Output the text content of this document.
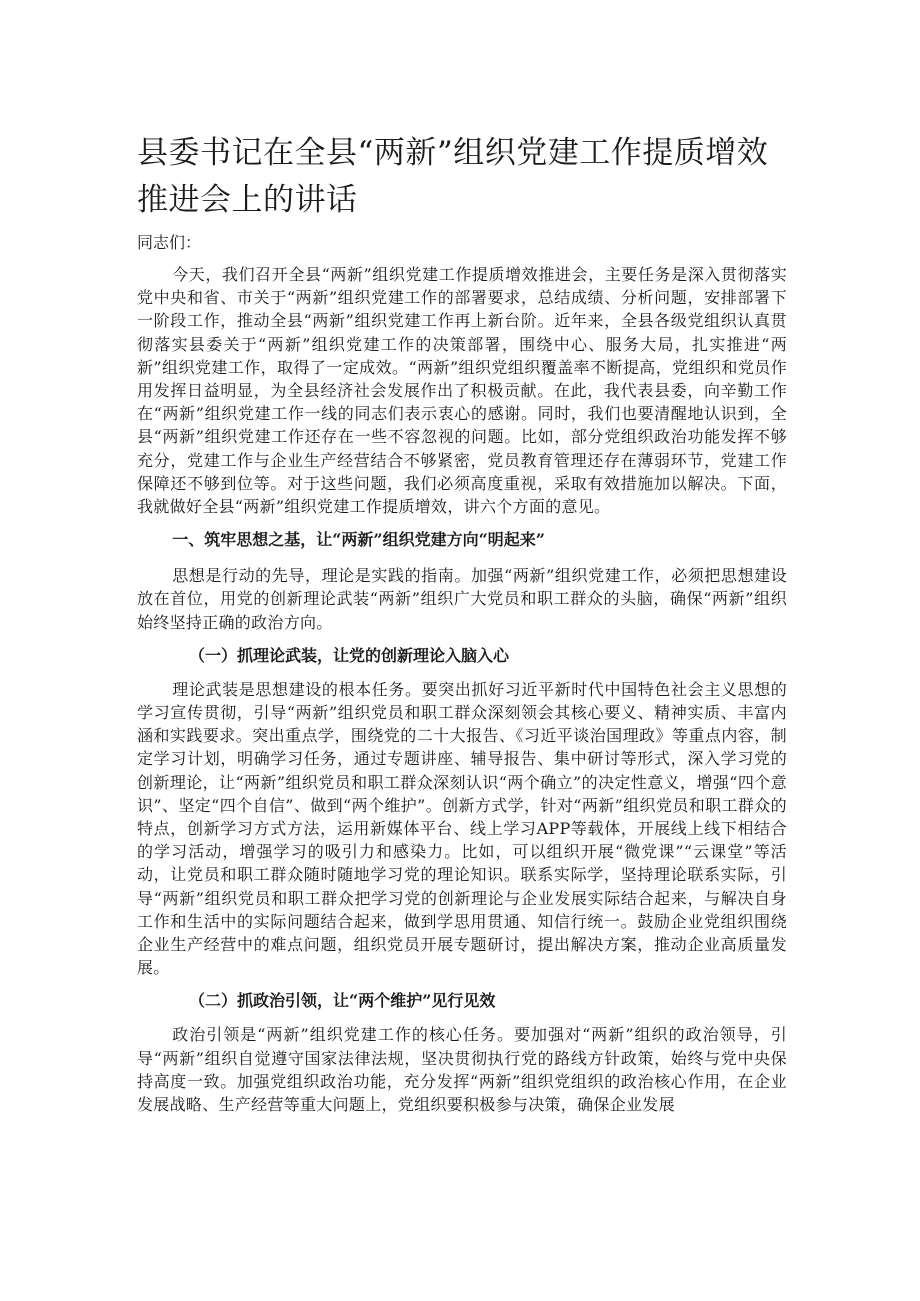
县委书记在全县“两新”组织党建工作提质增效推进会上的讲话

同志们：

今天，我们召开全县“两新”组织党建工作提质增效推进会，主要任务是深入贯彻落实党中央和省、市关于“两新”组织党建工作的部署要求，总结成绩、分析问题，安排部署下一阶段工作，推动全县“两新”组织党建工作再上新台阶。近年来，全县各级党组织认真贯彻落实县委关于“两新”组织党建工作的决策部署，围绕中心、服务大局，扎实推进“两新”组织党建工作，取得了一定成效。“两新”组织党组织覆盖率不断提高，党组织和党员作用发挥日益明显，为全县经济社会发展作出了积极贡献。在此，我代表县委，向辛勤工作在“两新”组织党建工作一线的同志们表示衷心的感谢。同时，我们也要清醒地认识到，全县“两新”组织党建工作还存在一些不容忽视的问题。比如，部分党组织政治功能发挥不够充分，党建工作与企业生产经营结合不够紧密，党员教育管理还存在薄弱环节，党建工作保障还不够到位等。对于这些问题，我们必须高度重视，采取有效措施加以解决。下面，我就做好全县“两新”组织党建工作提质增效，讲六个方面的意见。

一、筑牢思想之基，让“两新”组织党建方向“明起来”

思想是行动的先导，理论是实践的指南。加强“两新”组织党建工作，必须把思想建设放在首位，用党的创新理论武装“两新”组织广大党员和职工群众的头脑，确保“两新”组织始终坚持正确的政治方向。

（一）抓理论武装，让党的创新理论入脑入心

理论武装是思想建设的根本任务。要突出抓好习近平新时代中国特色社会主义思想的学习宣传贯彻，引导“两新”组织党员和职工群众深刻领会其核心要义、精神实质、丰富内涵和实践要求。突出重点学，围绕党的二十大报告、《习近平谈治国理政》等重点内容，制定学习计划，明确学习任务，通过专题讲座、辅导报告、集中研讨等形式，深入学习党的创新理论，让“两新”组织党员和职工群众深刻认识“两个确立”的决定性意义，增强“四个意识”、坚定“四个自信”、做到“两个维护”。创新方式学，针对“两新”组织党员和职工群众的特点，创新学习方式方法，运用新媒体平台、线上学习APP等载体，开展线上线下相结合的学习活动，增强学习的吸引力和感染力。比如，可以组织开展“微党课”“云课堂”等活动，让党员和职工群众随时随地学习党的理论知识。联系实际学，坚持理论联系实际，引导“两新”组织党员和职工群众把学习党的创新理论与企业发展实际结合起来，与解决自身工作和生活中的实际问题结合起来，做到学思用贯通、知信行统一。鼓励企业党组织围绕企业生产经营中的难点问题，组织党员开展专题研讨，提出解决方案，推动企业高质量发展。

（二）抓政治引领，让“两个维护”见行见效

政治引领是“两新”组织党建工作的核心任务。要加强对“两新”组织的政治领导，引导“两新”组织自觉遵守国家法律法规，坚决贯彻执行党的路线方针政策，始终与党中央保持高度一致。加强党组织政治功能，充分发挥“两新”组织党组织的政治核心作用，在企业发展战略、生产经营等重大问题上，党组织要积极参与决策，确保企业发展
